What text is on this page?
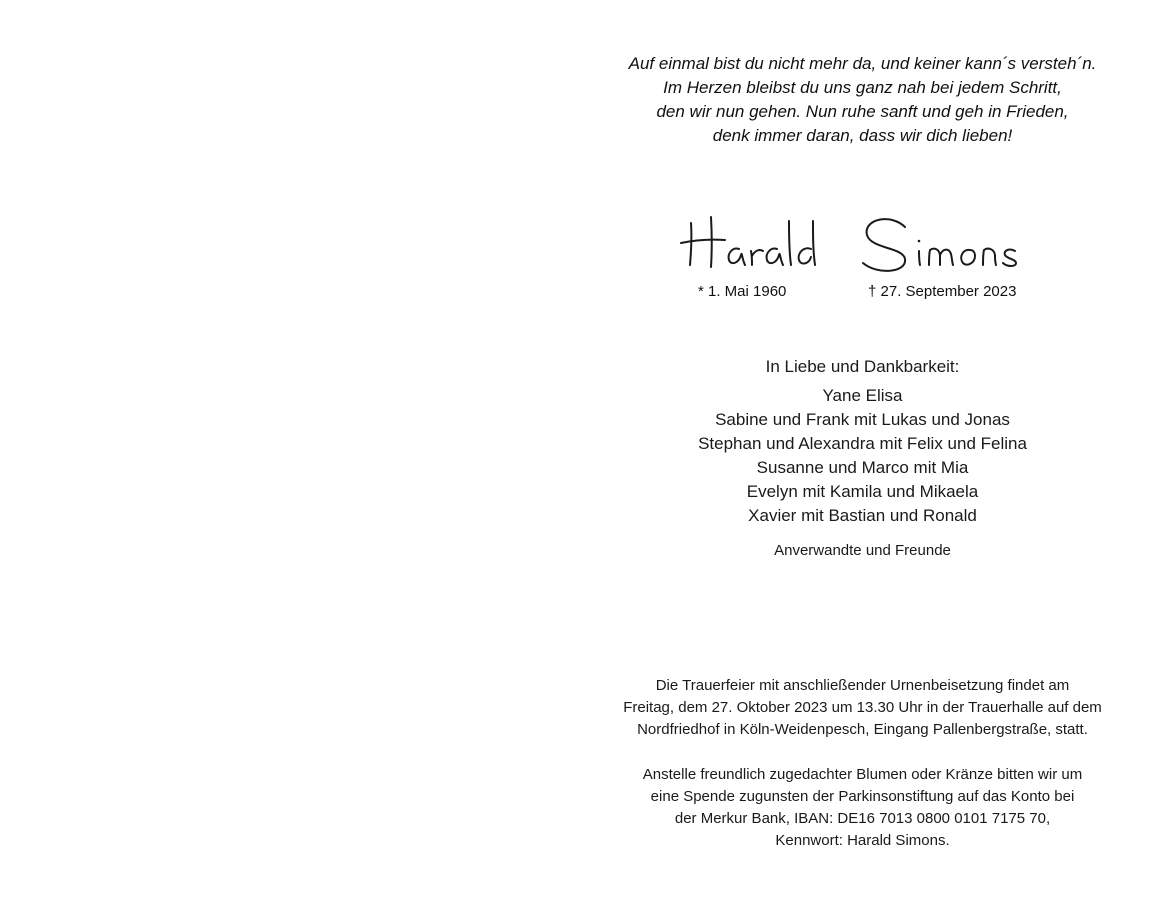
Auf einmal bist du nicht mehr da, und keiner kann´s versteh´n.
Im Herzen bleibst du uns ganz nah bei jedem Schritt,
den wir nun gehen. Nun ruhe sanft und geh in Frieden,
denk immer daran, dass wir dich lieben!
* 1. Mai 1960	† 27. September 2023
In Liebe und Dankbarkeit:
Yane Elisa
Sabine und Frank mit Lukas und Jonas
Stephan und Alexandra mit Felix und Felina
Susanne und Marco mit Mia
Evelyn mit Kamila und Mikaela
Xavier mit Bastian und Ronald
Anverwandte und Freunde
Die Trauerfeier mit anschließender Urnenbeisetzung findet am
Freitag, dem 27. Oktober 2023 um 13.30 Uhr in der Trauerhalle auf dem
Nordfriedhof in Köln-Weidenpesch, Eingang Pallenbergstraße, statt.
Anstelle freundlich zugedachter Blumen oder Kränze bitten wir um
eine Spende zugunsten der Parkinsonstiftung auf das Konto bei
der Merkur Bank, IBAN: DE16 7013 0800 0101 7175 70,
Kennwort: Harald Simons.
